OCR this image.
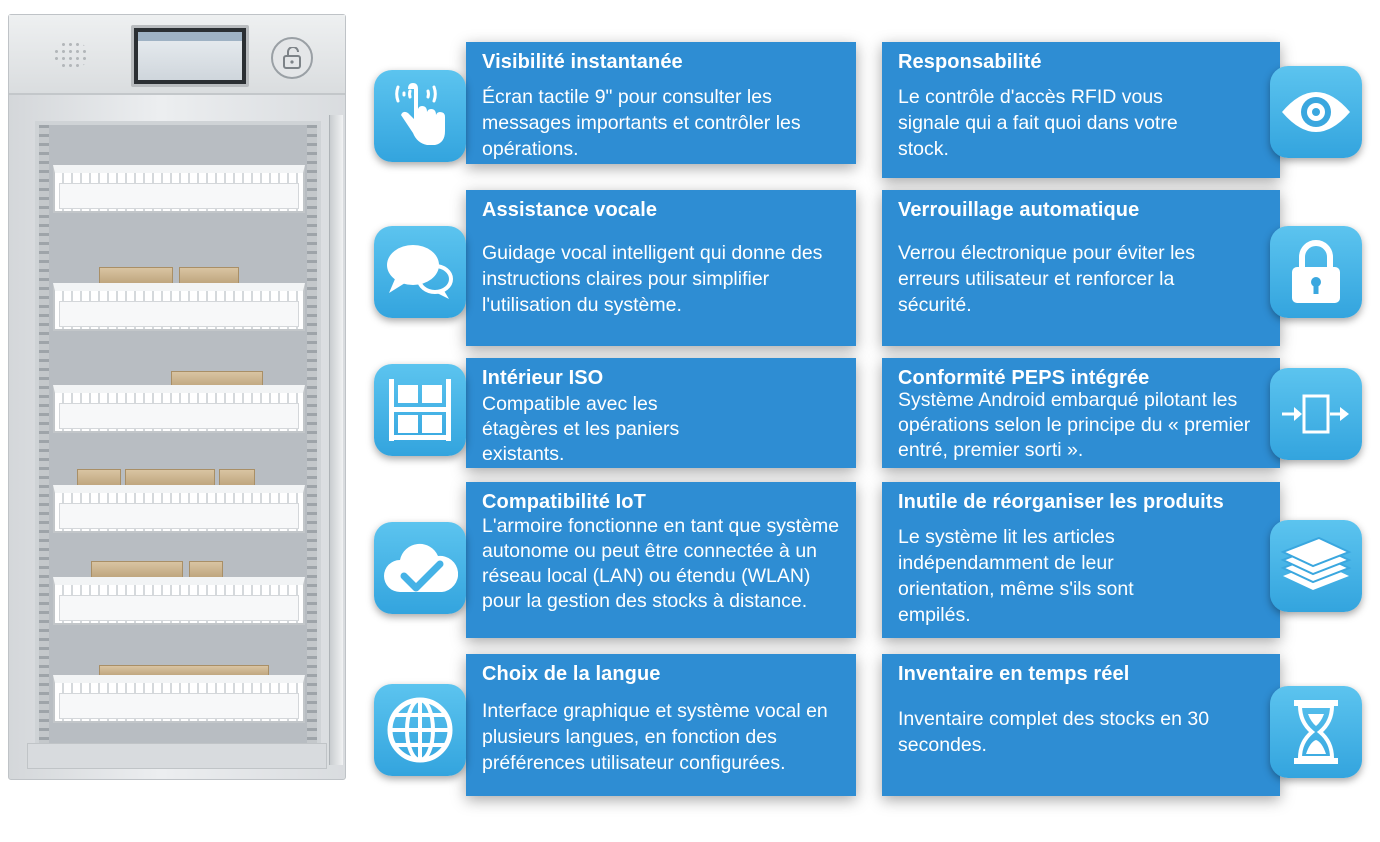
Visibilité instantanée
Écran tactile 9" pour consulter les messages importants et contrôler les opérations.
Assistance vocale
Guidage vocal intelligent qui donne des instructions claires pour simplifier l'utilisation du système.
Intérieur ISO
Compatible avec les étagères et les paniers existants.
Compatibilité IoT
L'armoire fonctionne en tant que système autonome ou peut être connectée à un réseau local (LAN) ou étendu (WLAN) pour la gestion des stocks à distance.
Choix de la langue
Interface graphique et système vocal en plusieurs langues, en fonction des préférences utilisateur configurées.
Responsabilité
Le contrôle d'accès RFID vous signale qui a fait quoi dans votre stock.
Verrouillage automatique
Verrou électronique pour éviter les erreurs utilisateur et renforcer la sécurité.
Conformité PEPS intégrée
Système Android embarqué pilotant les opérations selon le principe du « premier entré, premier sorti ».
Inutile de réorganiser les produits
Le système lit les articles indépendamment de leur orientation, même s'ils sont empilés.
Inventaire en temps réel
Inventaire complet des stocks en 30 secondes.
